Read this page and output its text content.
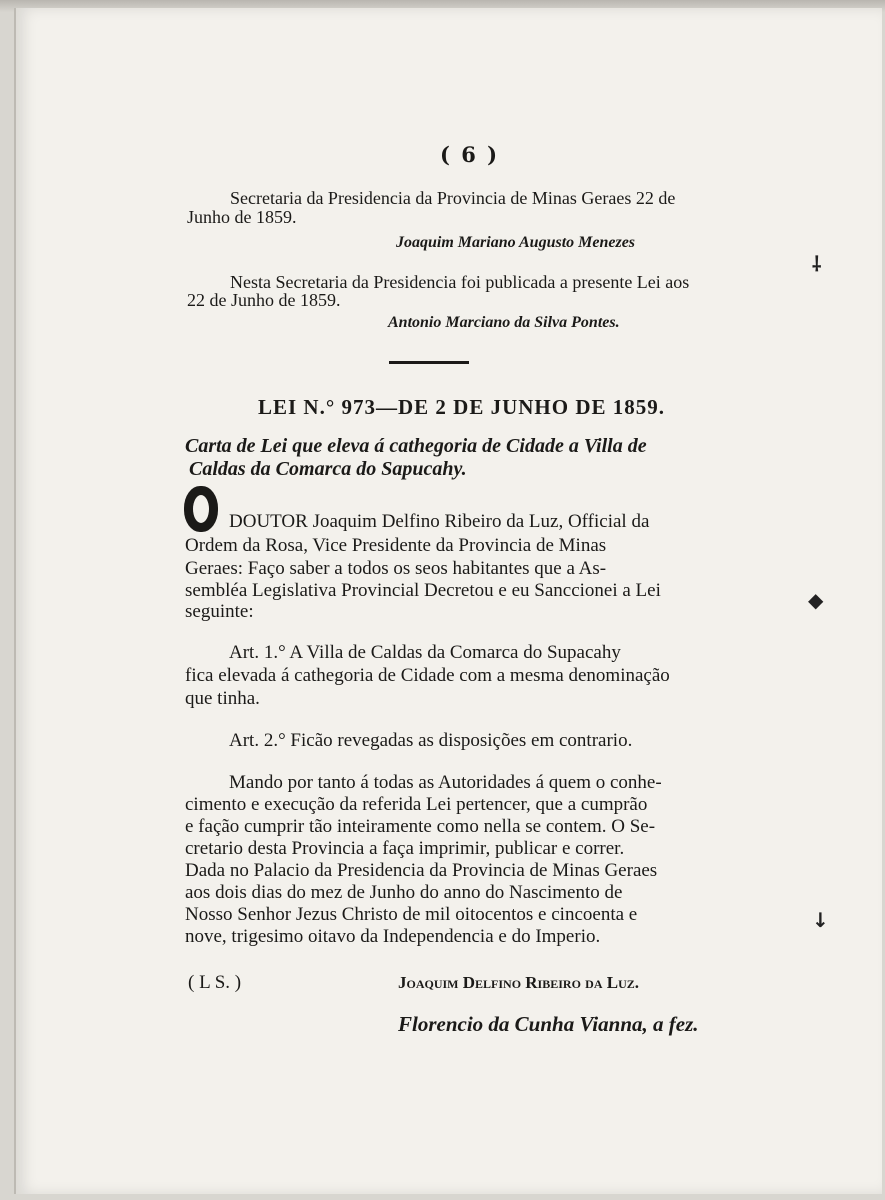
( 6 )
Secretaria da Presidencia da Provincia de Minas Geraes 22 de
Junho de 1859.
Joaquim Mariano Augusto Menezes
Nesta Secretaria da Presidencia foi publicada a presente Lei aos
22 de Junho de 1859.
Antonio Marciano da Silva Pontes.
LEI N.° 973—DE 2 DE JUNHO DE 1859.
Carta de Lei que eleva á cathegoria de Cidade a Villa de
Caldas da Comarca do Sapucahy.
DOUTOR Joaquim Delfino Ribeiro da Luz, Official da
Ordem da Rosa, Vice Presidente da Provincia de Minas
Geraes: Faço saber a todos os seos habitantes que a As-
sembléa Legislativa Provincial Decretou e eu Sanccionei a Lei
seguinte:
Art. 1.° A Villa de Caldas da Comarca do Supacahy
fica elevada á cathegoria de Cidade com a mesma denominação
que tinha.
Art. 2.° Ficão revegadas as disposições em contrario.
Mando por tanto á todas as Autoridades á quem o conhe-
cimento e execução da referida Lei pertencer, que a cumprão
e fação cumprir tão inteiramente como nella se contem. O Se-
cretario desta Provincia a faça imprimir, publicar e correr.
Dada no Palacio da Presidencia da Provincia de Minas Geraes
aos dois dias do mez de Junho do anno do Nascimento de
Nosso Senhor Jezus Christo de mil oitocentos e cincoenta e
nove, trigesimo oitavo da Independencia e do Imperio.
( L S. )	Joaquim Delfino Ribeiro da Luz.
Florencio da Cunha Vianna, a fez.
⸸
◆
↓
